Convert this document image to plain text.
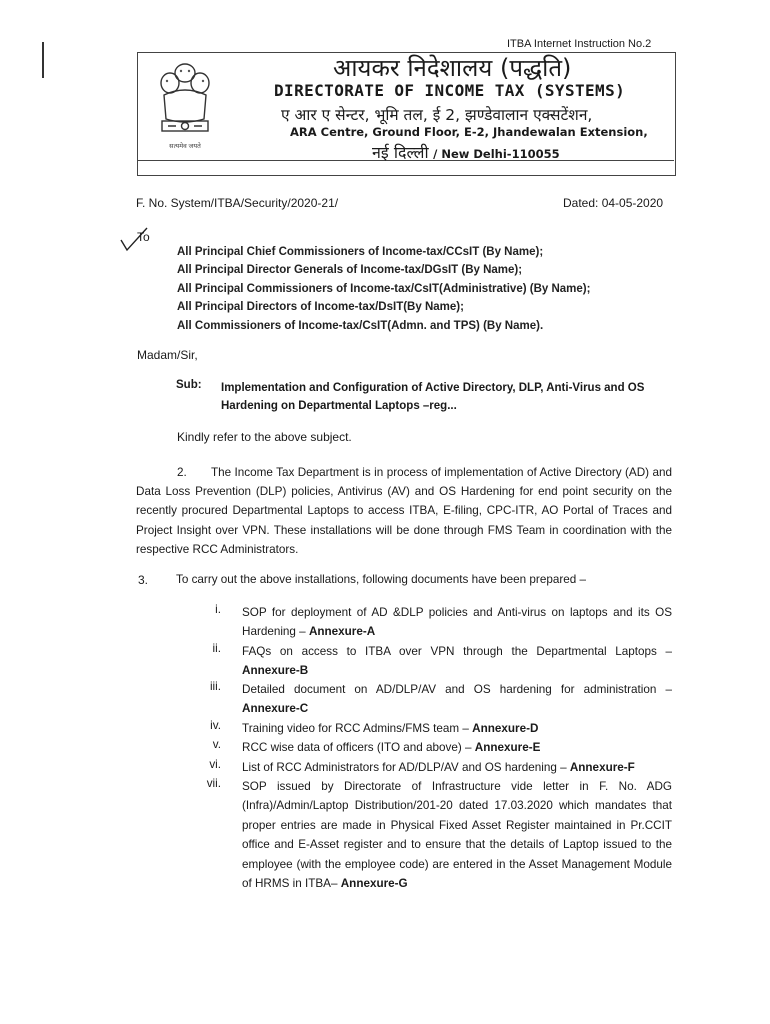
ITBA Internet Instruction No.2
सत्यमेव जयते
आयकर निदेशालय (पद्धति)
DIRECTORATE OF INCOME TAX (SYSTEMS)
ए आर ए सेन्टर, भूमि तल, ई 2, झण्डेवालान एक्सटेंशन,
ARA Centre, Ground Floor, E-2, Jhandewalan Extension,
नई दिल्ली / New Delhi-110055
F. No. System/ITBA/Security/2020-21/	Dated: 04-05-2020
To
All Principal Chief Commissioners of Income-tax/CCsIT (By Name);
All Principal Director Generals of Income-tax/DGsIT (By Name);
All Principal Commissioners of Income-tax/CsIT(Administrative) (By Name);
All Principal Directors of Income-tax/DsIT(By Name);
All Commissioners of Income-tax/CsIT(Admn. and TPS) (By Name).
Madam/Sir,
Sub: Implementation and Configuration of Active Directory, DLP, Anti-Virus and OS Hardening on Departmental Laptops –reg...
Kindly refer to the above subject.
2. The Income Tax Department is in process of implementation of Active Directory (AD) and Data Loss Prevention (DLP) policies, Antivirus (AV) and OS Hardening for end point security on the recently procured Departmental Laptops to access ITBA, E-filing, CPC-ITR, AO Portal of Traces and Project Insight over VPN. These installations will be done through FMS Team in coordination with the respective RCC Administrators.
3. To carry out the above installations, following documents have been prepared –
i. SOP for deployment of AD &DLP policies and Anti-virus on laptops and its OS Hardening – Annexure-A
ii. FAQs on access to ITBA over VPN through the Departmental Laptops – Annexure-B
iii. Detailed document on AD/DLP/AV and OS hardening for administration – Annexure-C
iv. Training video for RCC Admins/FMS team – Annexure-D
v. RCC wise data of officers (ITO and above) – Annexure-E
vi. List of RCC Administrators for AD/DLP/AV and OS hardening – Annexure-F
vii. SOP issued by Directorate of Infrastructure vide letter in F. No. ADG (Infra)/Admin/Laptop Distribution/201-20 dated 17.03.2020 which mandates that proper entries are made in Physical Fixed Asset Register maintained in Pr.CCIT office and E-Asset register and to ensure that the details of Laptop issued to the employee (with the employee code) are entered in the Asset Management Module of HRMS in ITBA– Annexure-G
